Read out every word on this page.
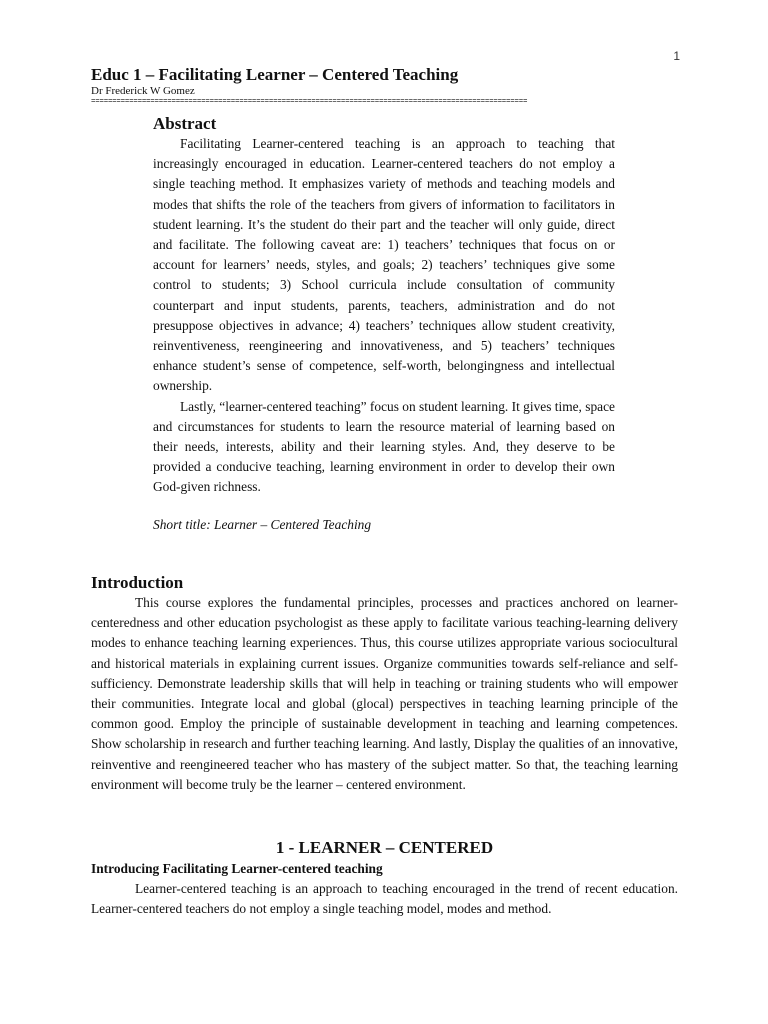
1
Educ 1 – Facilitating Learner – Centered Teaching
Dr Frederick W Gomez
=======================================================================================================
Abstract

Facilitating Learner-centered teaching is an approach to teaching that increasingly encouraged in education. Learner-centered teachers do not employ a single teaching method. It emphasizes variety of methods and teaching models and modes that shifts the role of the teachers from givers of information to facilitators in student learning. It’s the student do their part and the teacher will only guide, direct and facilitate. The following caveat are: 1) teachers’ techniques that focus on or account for learners’ needs, styles, and goals; 2) teachers’ techniques give some control to students; 3) School curricula include consultation of community counterpart and input students, parents, teachers, administration and do not presuppose objectives in advance; 4) teachers’ techniques allow student creativity, reinventiveness, reengineering and innovativeness, and 5) teachers’ techniques enhance student’s sense of competence, self-worth, belongingness and intellectual ownership.

Lastly, “learner-centered teaching” focus on student learning. It gives time, space and circumstances for students to learn the resource material of learning based on their needs, interests, ability and their learning styles. And, they deserve to be provided a conducive teaching, learning environment in order to develop their own God-given richness.

Short title: Learner – Centered Teaching

Introduction

This course explores the fundamental principles, processes and practices anchored on learner-centeredness and other education psychologist as these apply to facilitate various teaching-learning delivery modes to enhance teaching learning experiences. Thus, this course utilizes appropriate various sociocultural and historical materials in explaining current issues. Organize communities towards self-reliance and self-sufficiency. Demonstrate leadership skills that will help in teaching or training students who will empower their communities. Integrate local and global (glocal) perspectives in teaching learning principle of the common good. Employ the principle of sustainable development in teaching and learning competences. Show scholarship in research and further teaching learning. And lastly, Display the qualities of an innovative, reinventive and reengineered teacher who has mastery of the subject matter. So that, the teaching learning environment will become truly be the learner – centered environment.

1 - LEARNER – CENTERED
Introducing Facilitating Learner-centered teaching

Learner-centered teaching is an approach to teaching encouraged in the trend of recent education. Learner-centered teachers do not employ a single teaching model, modes and method.
